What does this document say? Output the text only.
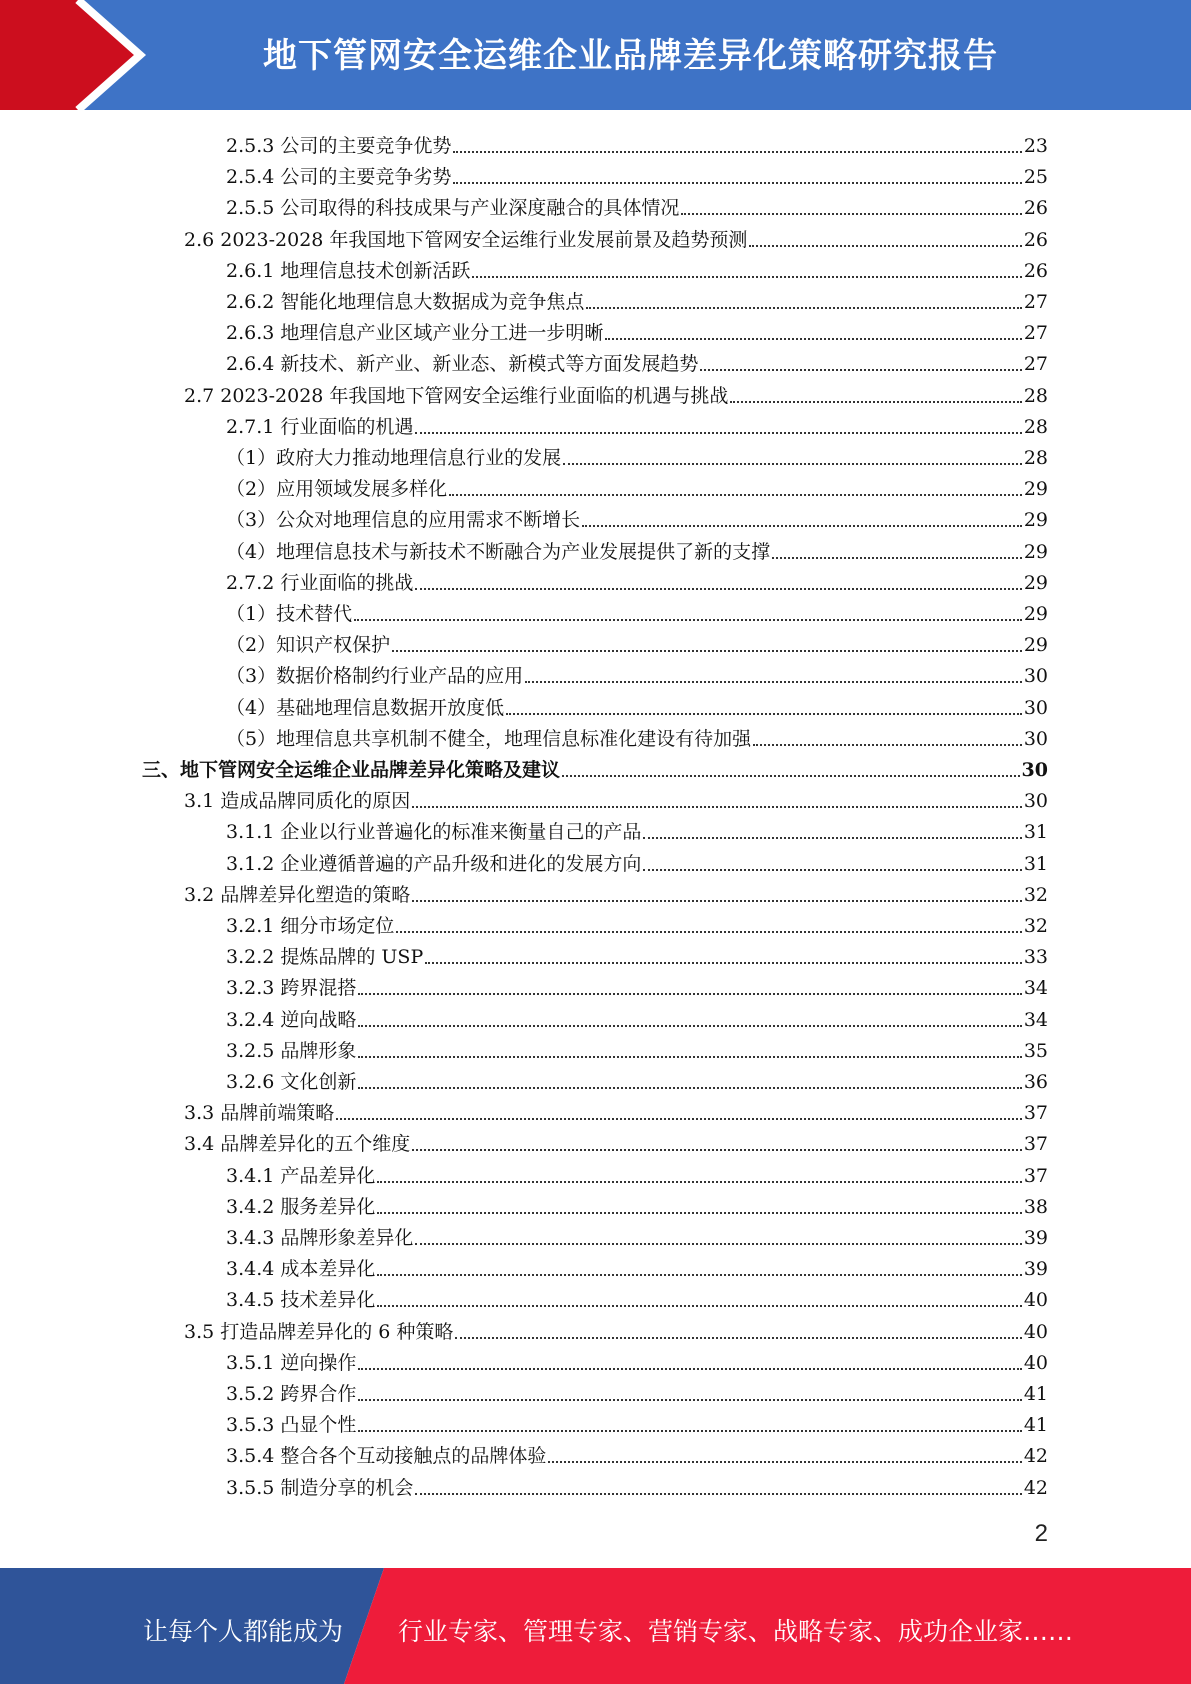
地下管网安全运维企业品牌差异化策略研究报告
2.5.3 公司的主要竞争优势	23
2.5.4 公司的主要竞争劣势	25
2.5.5 公司取得的科技成果与产业深度融合的具体情况	26
2.6 2023-2028 年我国地下管网安全运维行业发展前景及趋势预测	26
2.6.1 地理信息技术创新活跃	26
2.6.2 智能化地理信息大数据成为竞争焦点	27
2.6.3 地理信息产业区域产业分工进一步明晰	27
2.6.4 新技术、新产业、新业态、新模式等方面发展趋势	27
2.7 2023-2028 年我国地下管网安全运维行业面临的机遇与挑战	28
2.7.1 行业面临的机遇	28
（1）政府大力推动地理信息行业的发展	28
（2）应用领域发展多样化	29
（3）公众对地理信息的应用需求不断增长	29
（4）地理信息技术与新技术不断融合为产业发展提供了新的支撑	29
2.7.2 行业面临的挑战	29
（1）技术替代	29
（2）知识产权保护	29
（3）数据价格制约行业产品的应用	30
（4）基础地理信息数据开放度低	30
（5）地理信息共享机制不健全，地理信息标准化建设有待加强	30
三、地下管网安全运维企业品牌差异化策略及建议	30
3.1 造成品牌同质化的原因	30
3.1.1 企业以行业普遍化的标准来衡量自己的产品	31
3.1.2 企业遵循普遍的产品升级和进化的发展方向	31
3.2 品牌差异化塑造的策略	32
3.2.1 细分市场定位	32
3.2.2 提炼品牌的 USP	33
3.2.3 跨界混搭	34
3.2.4 逆向战略	34
3.2.5 品牌形象	35
3.2.6 文化创新	36
3.3 品牌前端策略	37
3.4 品牌差异化的五个维度	37
3.4.1 产品差异化	37
3.4.2 服务差异化	38
3.4.3 品牌形象差异化	39
3.4.4 成本差异化	39
3.4.5 技术差异化	40
3.5 打造品牌差异化的 6 种策略	40
3.5.1 逆向操作	40
3.5.2 跨界合作	41
3.5.3 凸显个性	41
3.5.4 整合各个互动接触点的品牌体验	42
3.5.5 制造分享的机会	42
2
让每个人都能成为 行业专家、管理专家、营销专家、战略专家、成功企业家……
